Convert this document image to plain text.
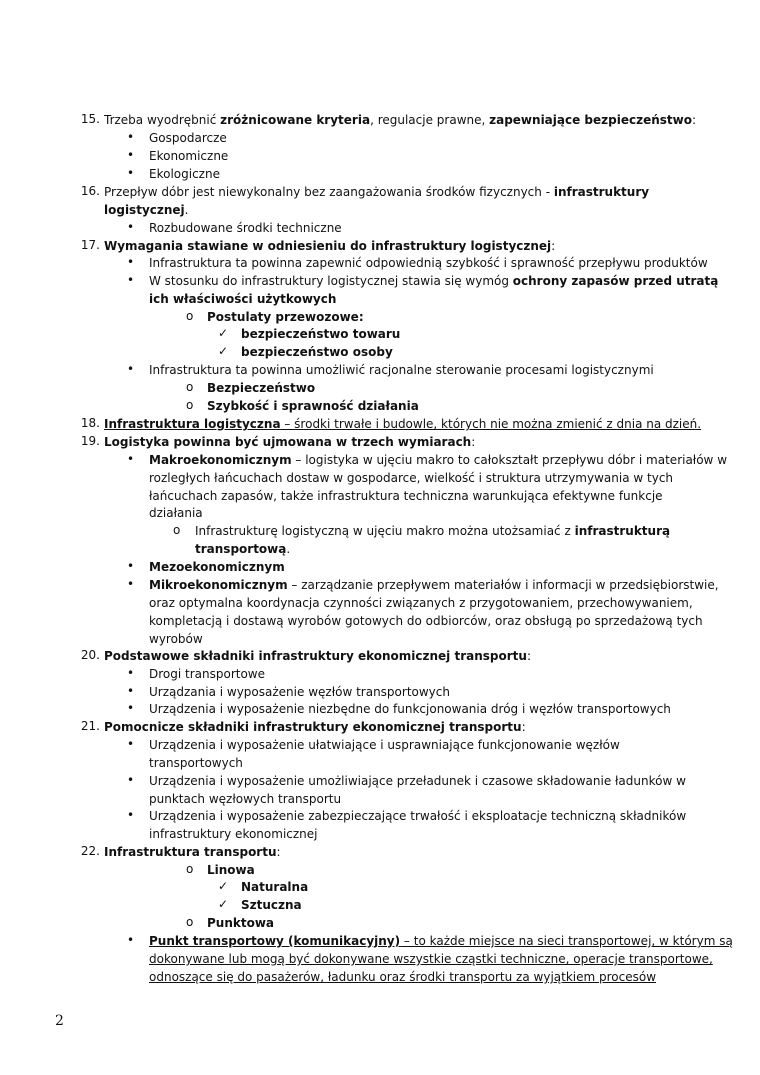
15. Trzeba wyodrębnić zróżnicowane kryteria, regulacje prawne, zapewniające bezpieczeństwo:
• Gospodarcze
• Ekonomiczne
• Ekologiczne
16. Przepływ dóbr jest niewykonalny bez zaangażowania środków fizycznych - infrastruktury
logistycznej.
• Rozbudowane środki techniczne
17. Wymagania stawiane w odniesieniu do infrastruktury logistycznej:
• Infrastruktura ta powinna zapewnić odpowiednią szybkość i sprawność przepływu produktów
• W stosunku do infrastruktury logistycznej stawia się wymóg ochrony zapasów przed utratą
ich właściwości użytkowych
o Postulaty przewozowe:
✓ bezpieczeństwo towaru
✓ bezpieczeństwo osoby
• Infrastruktura ta powinna umożliwić racjonalne sterowanie procesami logistycznymi
o Bezpieczeństwo
o Szybkość i sprawność działania
18. Infrastruktura logistyczna – środki trwałe i budowle, których nie można zmienić z dnia na dzień.
19. Logistyka powinna być ujmowana w trzech wymiarach:
• Makroekonomicznym – logistyka w ujęciu makro to całokształt przepływu dóbr i materiałów w
rozległych łańcuchach dostaw w gospodarce, wielkość i struktura utrzymywania w tych
łańcuchach zapasów, także infrastruktura techniczna warunkująca efektywne funkcje
działania
o Infrastrukturę logistyczną w ujęciu makro można utożsamiać z infrastrukturą
transportową.
• Mezoekonomicznym
• Mikroekonomicznym – zarządzanie przepływem materiałów i informacji w przedsiębiorstwie,
oraz optymalna koordynacja czynności związanych z przygotowaniem, przechowywaniem,
kompletacją i dostawą wyrobów gotowych do odbiorców, oraz obsługą po sprzedażową tych
wyrobów
20. Podstawowe składniki infrastruktury ekonomicznej transportu:
• Drogi transportowe
• Urządzania i wyposażenie węzłów transportowych
• Urządzenia i wyposażenie niezbędne do funkcjonowania dróg i węzłów transportowych
21. Pomocnicze składniki infrastruktury ekonomicznej transportu:
• Urządzenia i wyposażenie ułatwiające i usprawniające funkcjonowanie węzłów
transportowych
• Urządzenia i wyposażenie umożliwiające przeładunek i czasowe składowanie ładunków w
punktach węzłowych transportu
• Urządzenia i wyposażenie zabezpieczające trwałość i eksploatacje techniczną składników
infrastruktury ekonomicznej
22. Infrastruktura transportu:
o Linowa
✓ Naturalna
✓ Sztuczna
o Punktowa
• Punkt transportowy (komunikacyjny) – to każde miejsce na sieci transportowej, w którym są
dokonywane lub mogą być dokonywane wszystkie cząstki techniczne, operacje transportowe,
odnoszące się do pasażerów, ładunku oraz środki transportu za wyjątkiem procesów
2
